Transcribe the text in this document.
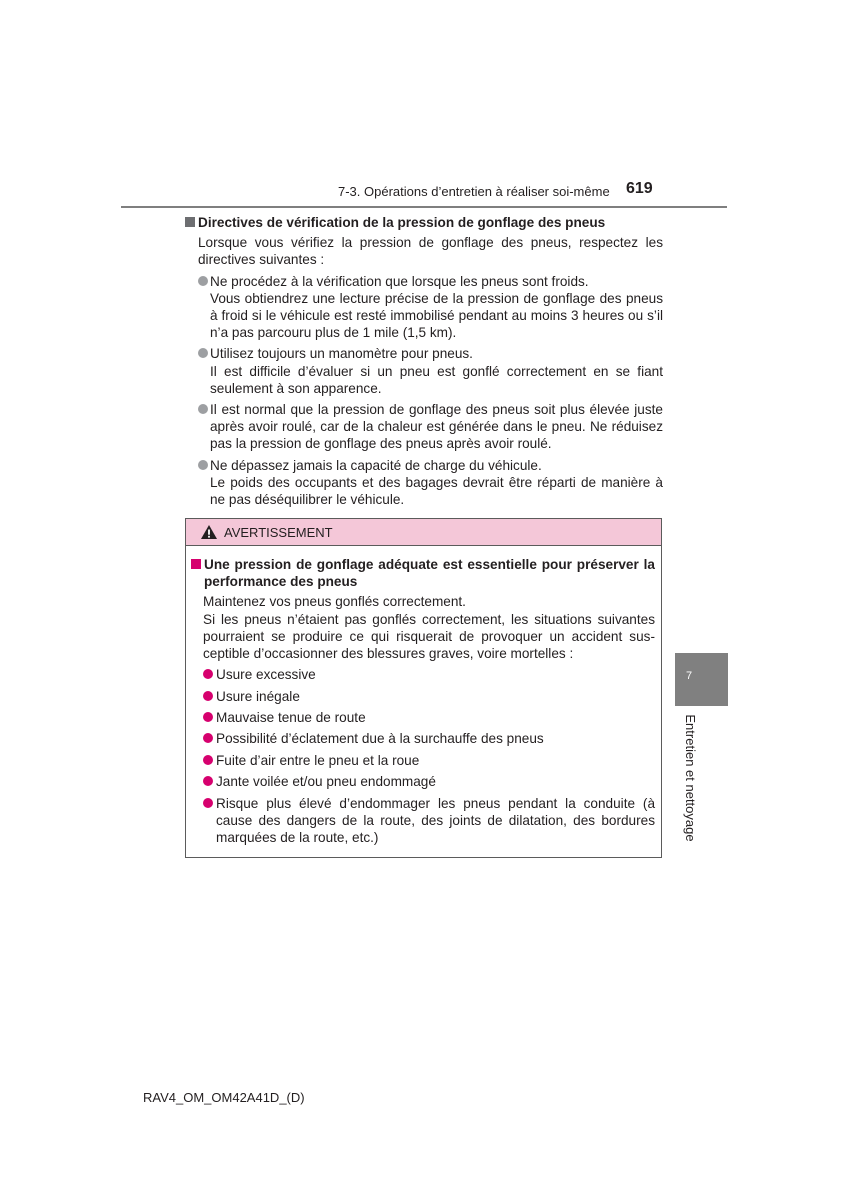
7-3. Opérations d’entretien à réaliser soi-même 619
7
Entretien et nettoyage

Directives de vérification de la pression de gonflage des pneus

Lorsque vous vérifiez la pression de gonflage des pneus, respectez les directives suivantes :

Ne procédez à la vérification que lorsque les pneus sont froids.
Vous obtiendrez une lecture précise de la pression de gonflage des pneus à froid si le véhicule est resté immobilisé pendant au moins 3 heures ou s’il n’a pas parcouru plus de 1 mile (1,5 km).
Utilisez toujours un manomètre pour pneus.
Il est difficile d’évaluer si un pneu est gonflé correctement en se fiant seulement à son apparence.
Il est normal que la pression de gonflage des pneus soit plus élevée juste après avoir roulé, car de la chaleur est générée dans le pneu. Ne réduisez pas la pression de gonflage des pneus après avoir roulé.
Ne dépassez jamais la capacité de charge du véhicule.
Le poids des occupants et des bagages devrait être réparti de manière à ne pas déséquilibrer le véhicule.
AVERTISSEMENT
Une pression de gonflage adéquate est essentielle pour préserver la performance des pneus

Maintenez vos pneus gonflés correctement.
Si les pneus n’étaient pas gonflés correctement, les situations suivantes pourraient se produire ce qui risquerait de provoquer un accident sus-ceptible d’occasionner des blessures graves, voire mortelles :

Usure excessive
Usure inégale
Mauvaise tenue de route
Possibilité d’éclatement due à la surchauffe des pneus
Fuite d’air entre le pneu et la roue
Jante voilée et/ou pneu endommagé
Risque plus élevé d’endommager les pneus pendant la conduite (à cause des dangers de la route, des joints de dilatation, des bordures marquées de la route, etc.)
RAV4_OM_OM42A41D_(D)
